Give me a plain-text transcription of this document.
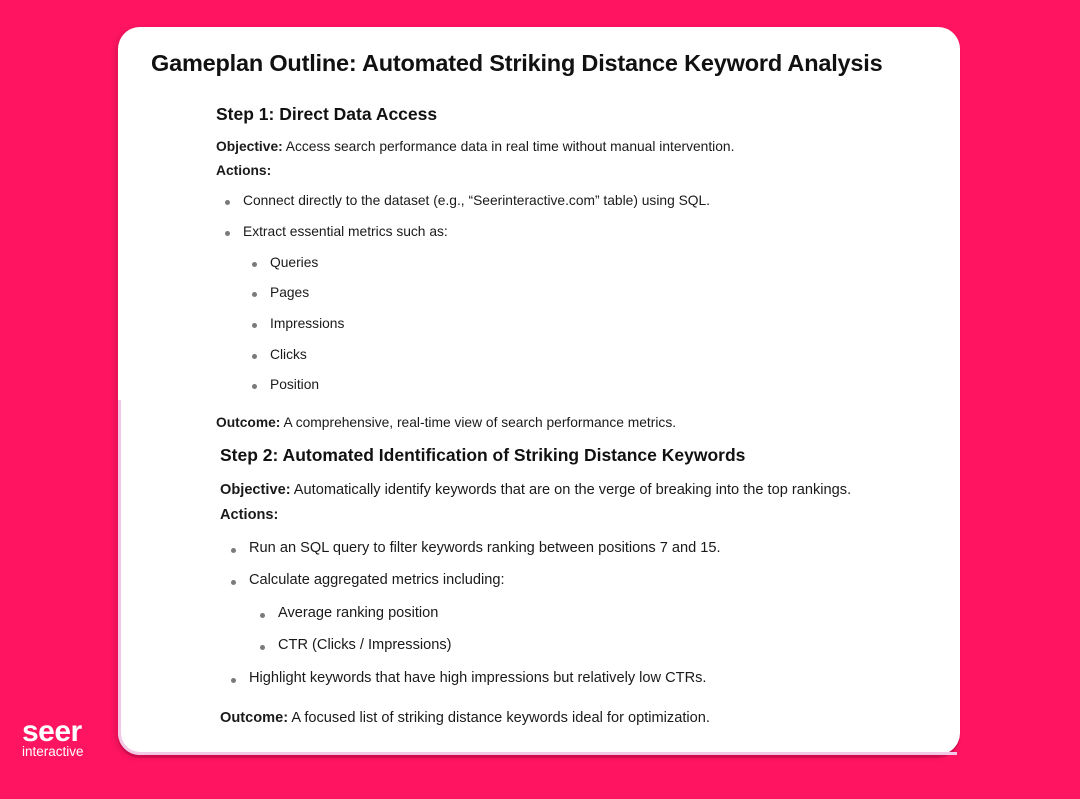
Gameplan Outline: Automated Striking Distance Keyword Analysis
Step 1: Direct Data Access
Objective: Access search performance data in real time without manual intervention.
Actions:
Connect directly to the dataset (e.g., “Seerinteractive.com” table) using SQL.
Extract essential metrics such as:
Queries
Pages
Impressions
Clicks
Position
Outcome: A comprehensive, real-time view of search performance metrics.
Step 2: Automated Identification of Striking Distance Keywords
Objective: Automatically identify keywords that are on the verge of breaking into the top rankings.
Actions:
Run an SQL query to filter keywords ranking between positions 7 and 15.
Calculate aggregated metrics including:
Average ranking position
CTR (Clicks / Impressions)
Highlight keywords that have high impressions but relatively low CTRs.
Outcome: A focused list of striking distance keywords ideal for optimization.
seer
interactive
